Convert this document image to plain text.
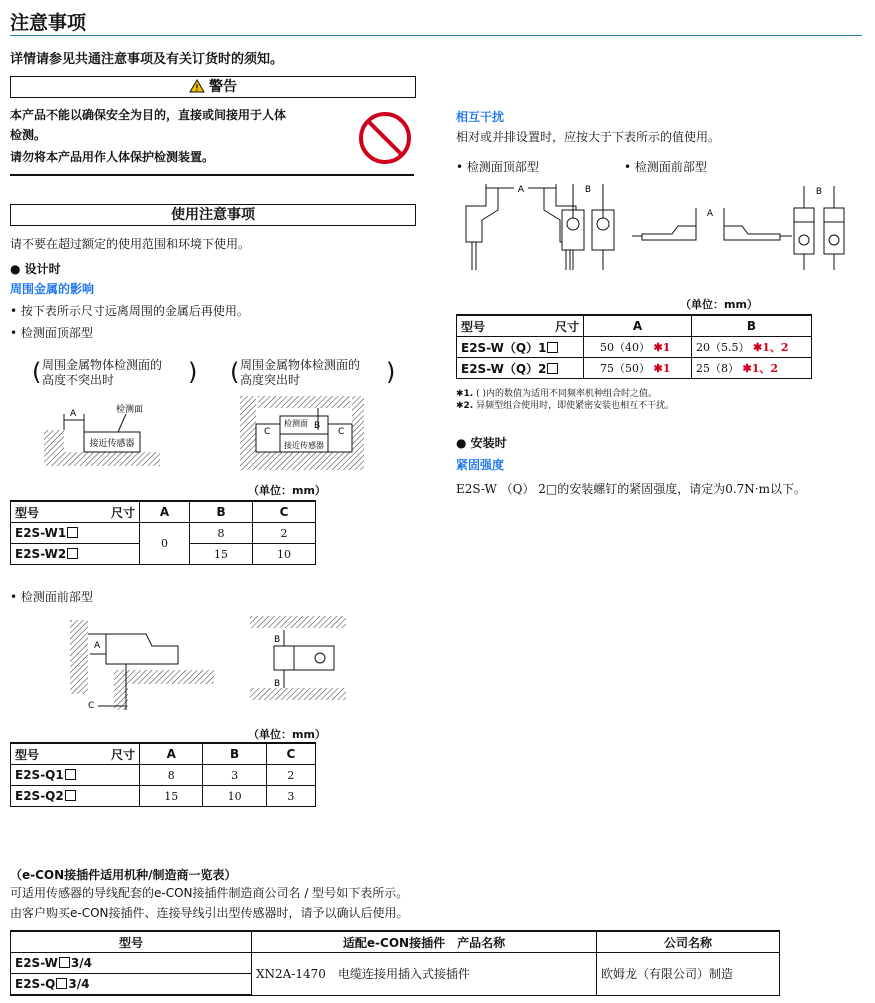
注意事项
详情请参见共通注意事项及有关订货时的须知。
警告
本产品不能以确保安全为目的，直接或间接用于人体
检测。
请勿将本产品用作人体保护检测装置。
使用注意事项
请不要在超过额定的使用范围和环境下使用。
● 设计时
周围金属的影响
• 按下表所示尺寸远离周围的金属后再使用。
• 检测面顶部型
( 周围金属物体检测面的
高度不突出时	) ( 周围金属物体检测面的
高度突出时	)
接近传感器
A	检测面
C	C
检测面 B
接近传感器
（单位：mm）
型号 尺寸	A	B	C
E2S-W1	0	8	2
E2S-W2		15	10
• 检测面前部型
A
C
B
B
（单位：mm）
型号 尺寸	A	B	C
E2S-Q1	8	3	2
E2S-Q2	15	10	3
相互干扰
相对或并排设置时，应按大于下表所示的值使用。
• 检测面顶部型	• 检测面前部型
A	B
A
B
（单位：mm）
型号 尺寸	A	B
E2S-W（Q）1	50（40） ✱1	20（5.5） ✱1、2
E2S-W（Q）2	75（50） ✱1	25（8） ✱1、2
✱1. ( )内的数值为适用不同频率机种组合时之值。
✱2. 异频型组合使用时，即使紧密安装也相互不干扰。
● 安装时
紧固强度
E2S-W （Q） 2□的安装螺钉的紧固强度，请定为0.7N·m以下。
（e-CON接插件适用机种/制造商一览表）
可适用传感器的导线配套的e-CON接插件制造商公司名 / 型号如下表所示。
由客户购买e-CON接插件、连接导线引出型传感器时，请予以确认后使用。
型号	适配e-CON接插件　产品名称	公司名称
E2S-W 3/4	XN2A-1470　电缆连接用插入式接插件	欧姆龙（有限公司）制造
E2S-Q 3/4		
